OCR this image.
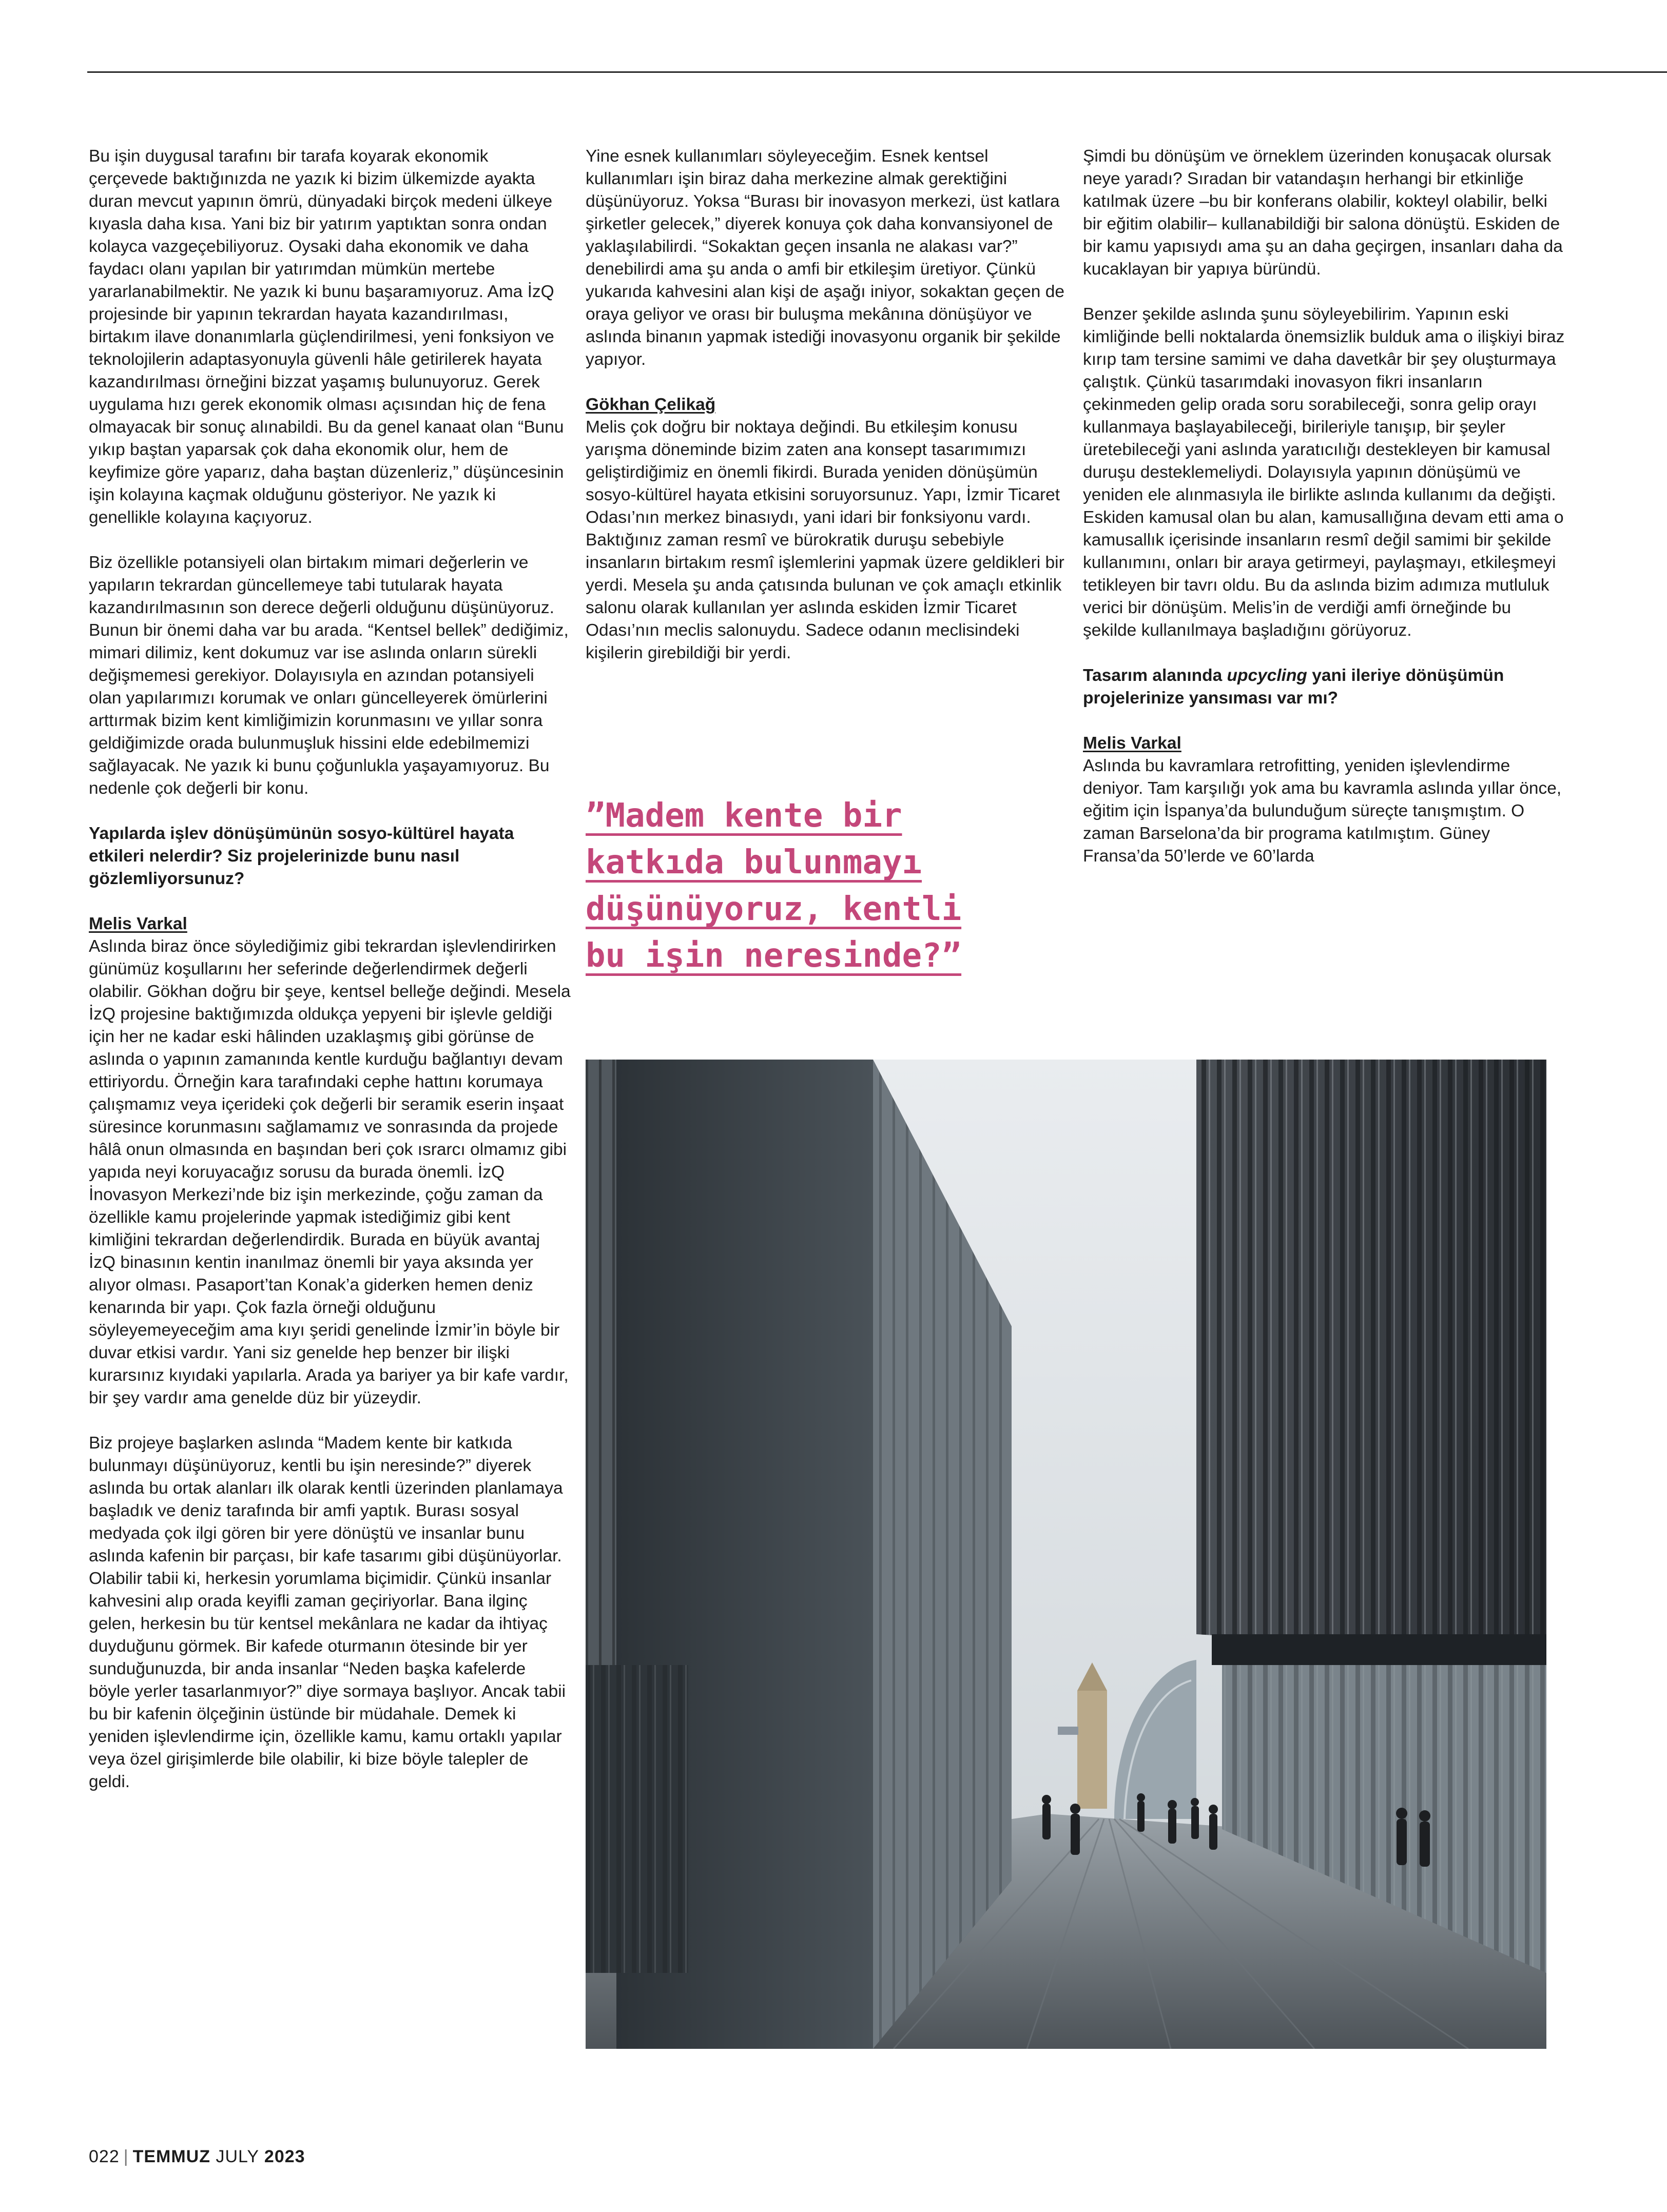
Bu işin duygusal tarafını bir tarafa koyarak ekonomik çerçevede baktığınızda ne yazık ki bizim ülkemizde ayakta duran mevcut yapının ömrü, dünyadaki birçok medeni ülkeye kıyasla daha kısa. Yani biz bir yatırım yaptıktan sonra ondan kolayca vazgeçebiliyoruz. Oysaki daha ekonomik ve daha faydacı olanı yapılan bir yatırımdan mümkün mertebe yararlanabilmektir. Ne yazık ki bunu başaramıyoruz. Ama İzQ projesinde bir yapının tekrardan hayata kazandırılması, birtakım ilave donanımlarla güçlendirilmesi, yeni fonksiyon ve teknolojilerin adaptasyonuyla güvenli hâle getirilerek hayata kazandırılması örneğini bizzat yaşamış bulunuyoruz. Gerek uygulama hızı gerek ekonomik olması açısından hiç de fena olmayacak bir sonuç alınabildi. Bu da genel kanaat olan “Bunu yıkıp baştan yaparsak çok daha ekonomik olur, hem de keyfimize göre yaparız, daha baştan düzenleriz,” düşüncesinin işin kolayına kaçmak olduğunu gösteriyor. Ne yazık ki genellikle kolayına kaçıyoruz.

Biz özellikle potansiyeli olan birtakım mimari değerlerin ve yapıların tekrardan güncellemeye tabi tutularak hayata kazandırılmasının son derece değerli olduğunu düşünüyoruz. Bunun bir önemi daha var bu arada. “Kentsel bellek” dediğimiz, mimari dilimiz, kent dokumuz var ise aslında onların sürekli değişmemesi gerekiyor. Dolayısıyla en azından potansiyeli olan yapılarımızı korumak ve onları güncelleyerek ömürlerini arttırmak bizim kent kimliğimizin korunmasını ve yıllar sonra geldiğimizde orada bulunmuşluk hissini elde edebilmemizi sağlayacak. Ne yazık ki bunu çoğunlukla yaşayamıyoruz. Bu nedenle çok değerli bir konu.

Yapılarda işlev dönüşümünün sosyo-kültürel hayata etkileri nelerdir? Siz projelerinizde bunu nasıl gözlemliyorsunuz?

Melis Varkal

Aslında biraz önce söylediğimiz gibi tekrardan işlevlendirirken günümüz koşullarını her seferinde değerlendirmek değerli olabilir. Gökhan doğru bir şeye, kentsel belleğe değindi. Mesela İzQ projesine baktığımızda oldukça yepyeni bir işlevle geldiği için her ne kadar eski hâlinden uzaklaşmış gibi görünse de aslında o yapının zamanında kentle kurduğu bağlantıyı devam ettiriyordu. Örneğin kara tarafındaki cephe hattını korumaya çalışmamız veya içerideki çok değerli bir seramik eserin inşaat süresince korunmasını sağlamamız ve sonrasında da projede hâlâ onun olmasında en başından beri çok ısrarcı olmamız gibi yapıda neyi koruyacağız sorusu da burada önemli. İzQ İnovasyon Merkezi’nde biz işin merkezinde, çoğu zaman da özellikle kamu projelerinde yapmak istediğimiz gibi kent kimliğini tekrardan değerlendirdik. Burada en büyük avantaj İzQ binasının kentin inanılmaz önemli bir yaya aksında yer alıyor olması. Pasaport’tan Konak’a giderken hemen deniz kenarında bir yapı. Çok fazla örneği olduğunu söyleyemeyeceğim ama kıyı şeridi genelinde İzmir’in böyle bir duvar etkisi vardır. Yani siz genelde hep benzer bir ilişki kurarsınız kıyıdaki yapılarla. Arada ya bariyer ya bir kafe vardır, bir şey vardır ama genelde düz bir yüzeydir.

Biz projeye başlarken aslında “Madem kente bir katkıda bulunmayı düşünüyoruz, kentli bu işin neresinde?” diyerek aslında bu ortak alanları ilk olarak kentli üzerinden planlamaya başladık ve deniz tarafında bir amfi yaptık. Burası sosyal medyada çok ilgi gören bir yere dönüştü ve insanlar bunu aslında kafenin bir parçası, bir kafe tasarımı gibi düşünüyorlar. Olabilir tabii ki, herkesin yorumlama biçimidir. Çünkü insanlar kahvesini alıp orada keyifli zaman geçiriyorlar. Bana ilginç gelen, herkesin bu tür kentsel mekânlara ne kadar da ihtiyaç duyduğunu görmek. Bir kafede oturmanın ötesinde bir yer sunduğunuzda, bir anda insanlar “Neden başka kafelerde böyle yerler tasarlanmıyor?” diye sormaya başlıyor. Ancak tabii bu bir kafenin ölçeğinin üstünde bir müdahale. Demek ki yeniden işlevlendirme için, özellikle kamu, kamu ortaklı yapılar veya özel girişimlerde bile olabilir, ki bize böyle talepler de geldi.

Yine esnek kullanımları söyleyeceğim. Esnek kentsel kullanımları işin biraz daha merkezine almak gerektiğini düşünüyoruz. Yoksa “Burası bir inovasyon merkezi, üst katlara şirketler gelecek,” diyerek konuya çok daha konvansiyonel de yaklaşılabilirdi. “Sokaktan geçen insanla ne alakası var?” denebilirdi ama şu anda o amfi bir etkileşim üretiyor. Çünkü yukarıda kahvesini alan kişi de aşağı iniyor, sokaktan geçen de oraya geliyor ve orası bir buluşma mekânına dönüşüyor ve aslında binanın yapmak istediği inovasyonu organik bir şekilde yapıyor.

Gökhan Çelikağ

Melis çok doğru bir noktaya değindi. Bu etkileşim konusu yarışma döneminde bizim zaten ana konsept tasarımımızı geliştirdiğimiz en önemli fikirdi. Burada yeniden dönüşümün sosyo-kültürel hayata etkisini soruyorsunuz. Yapı, İzmir Ticaret Odası’nın merkez binasıydı, yani idari bir fonksiyonu vardı. Baktığınız zaman resmî ve bürokratik duruşu sebebiyle insanların birtakım resmî işlemlerini yapmak üzere geldikleri bir yerdi. Mesela şu anda çatısında bulunan ve çok amaçlı etkinlik salonu olarak kullanılan yer aslında eskiden İzmir Ticaret Odası’nın meclis salonuydu. Sadece odanın meclisindeki kişilerin girebildiği bir yerdi.

”Madem kente bir
katkıda bulunmayı
düşünüyoruz, kentli
bu işin neresinde?”

Şimdi bu dönüşüm ve örneklem üzerinden konuşacak olursak neye yaradı? Sıradan bir vatandaşın herhangi bir etkinliğe katılmak üzere –bu bir konferans olabilir, kokteyl olabilir, belki bir eğitim olabilir– kullanabildiği bir salona dönüştü. Eskiden de bir kamu yapısıydı ama şu an daha geçirgen, insanları daha da kucaklayan bir yapıya büründü.

Benzer şekilde aslında şunu söyleyebilirim. Yapının eski kimliğinde belli noktalarda önemsizlik bulduk ama o ilişkiyi biraz kırıp tam tersine samimi ve daha davetkâr bir şey oluşturmaya çalıştık. Çünkü tasarımdaki inovasyon fikri insanların çekinmeden gelip orada soru sorabileceği, sonra gelip orayı kullanmaya başlayabileceği, birileriyle tanışıp, bir şeyler üretebileceği yani aslında yaratıcılığı destekleyen bir kamusal duruşu desteklemeliydi. Dolayısıyla yapının dönüşümü ve yeniden ele alınmasıyla ile birlikte aslında kullanımı da değişti. Eskiden kamusal olan bu alan, kamusallığına devam etti ama o kamusallık içerisinde insanların resmî değil samimi bir şekilde kullanımını, onları bir araya getirmeyi, paylaşmayı, etkileşmeyi tetikleyen bir tavrı oldu. Bu da aslında bizim adımıza mutluluk verici bir dönüşüm. Melis’in de verdiği amfi örneğinde bu şekilde kullanılmaya başladığını görüyoruz.

Tasarım alanında upcycling yani ileriye dönüşümün projelerinize yansıması var mı?

Melis Varkal

Aslında bu kavramlara retrofitting, yeniden işlevlendirme deniyor. Tam karşılığı yok ama bu kavramla aslında yıllar önce, eğitim için İspanya’da bulunduğum süreçte tanışmıştım. O zaman Barselona’da bir programa katılmıştım. Güney Fransa’da 50’lerde ve 60’larda

022 | TEMMUZ JULY 2023
